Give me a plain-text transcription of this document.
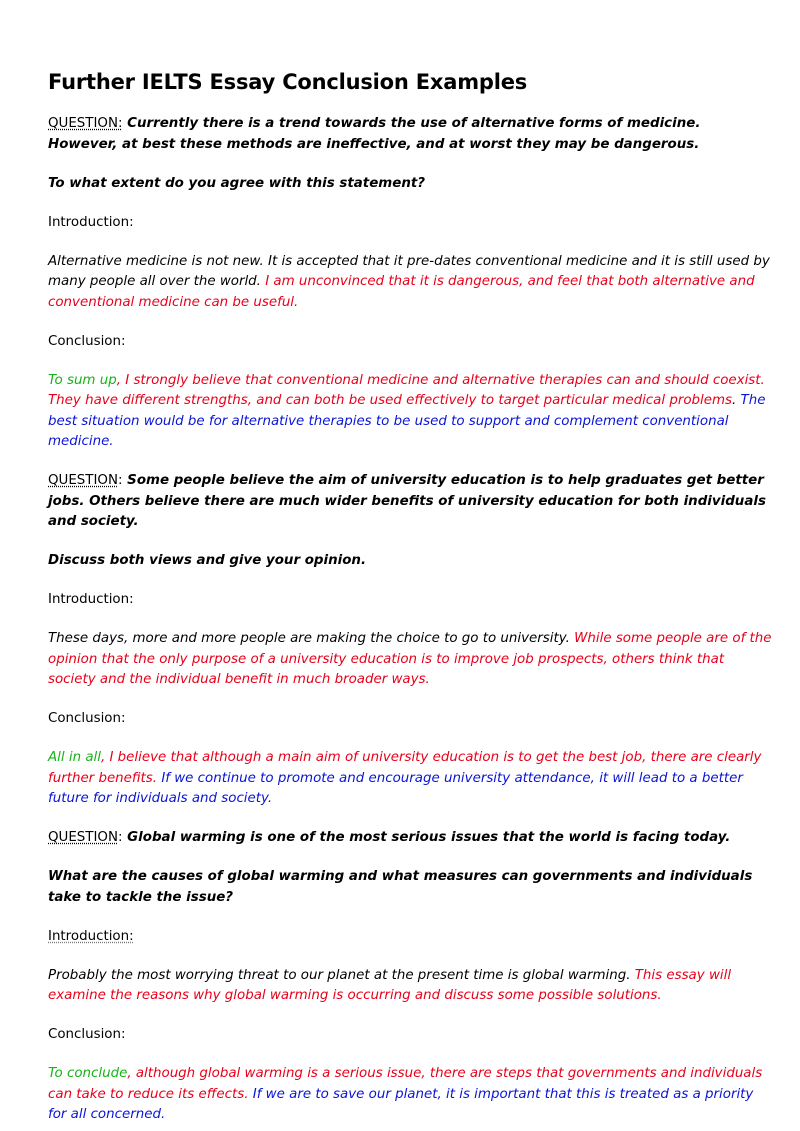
Further IELTS Essay Conclusion Examples

QUESTION: Currently there is a trend towards the use of alternative forms of medicine. However, at best these methods are ineffective, and at worst they may be dangerous.

To what extent do you agree with this statement?

Introduction:

Alternative medicine is not new. It is accepted that it pre-dates conventional medicine and it is still used by many people all over the world. I am unconvinced that it is dangerous, and feel that both alternative and conventional medicine can be useful.

Conclusion:

To sum up, I strongly believe that conventional medicine and alternative therapies can and should coexist. They have different strengths, and can both be used effectively to target particular medical problems. The best situation would be for alternative therapies to be used to support and complement conventional medicine.

QUESTION: Some people believe the aim of university education is to help graduates get better jobs. Others believe there are much wider benefits of university education for both individuals and society.

Discuss both views and give your opinion.

Introduction:

These days, more and more people are making the choice to go to university. While some people are of the opinion that the only purpose of a university education is to improve job prospects, others think that society and the individual benefit in much broader ways.

Conclusion:

All in all, I believe that although a main aim of university education is to get the best job, there are clearly further benefits. If we continue to promote and encourage university attendance, it will lead to a better future for individuals and society.

QUESTION: Global warming is one of the most serious issues that the world is facing today.

What are the causes of global warming and what measures can governments and individuals take to tackle the issue?

Introduction:

Probably the most worrying threat to our planet at the present time is global warming. This essay will examine the reasons why global warming is occurring and discuss some possible solutions.

Conclusion:

To conclude, although global warming is a serious issue, there are steps that governments and individuals can take to reduce its effects. If we are to save our planet, it is important that this is treated as a priority for all concerned.
